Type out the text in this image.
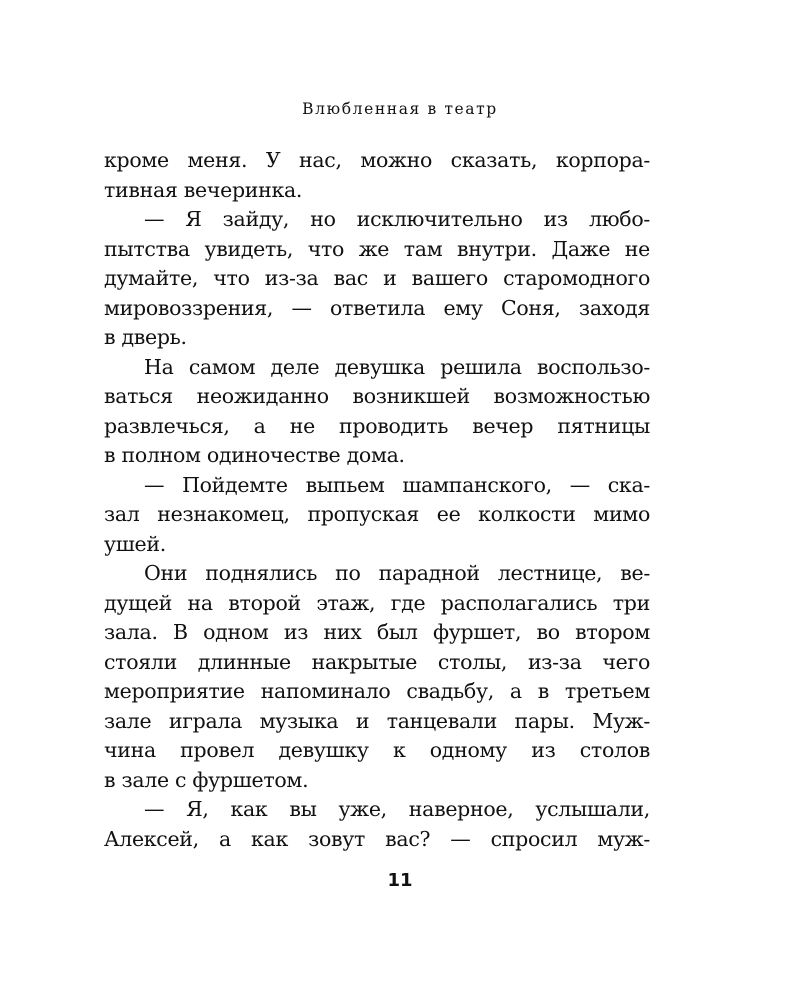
Влюбленная в театр
кроме меня. У нас, можно сказать, корпора-
тивная вечеринка.
— Я зайду, но исключительно из любо-
пытства увидеть, что же там внутри. Даже не
думайте, что из-за вас и вашего старомодного
мировоззрения, — ответила ему Соня, заходя
в дверь.
На самом деле девушка решила воспользо-
ваться неожиданно возникшей возможностью
развлечься, а не проводить вечер пятницы
в полном одиночестве дома.
— Пойдемте выпьем шампанского, — ска-
зал незнакомец, пропуская ее колкости мимо
ушей.
Они поднялись по парадной лестнице, ве-
дущей на второй этаж, где располагались три
зала. В одном из них был фуршет, во втором
стояли длинные накрытые столы, из-за чего
мероприятие напоминало свадьбу, а в третьем
зале играла музыка и танцевали пары. Муж-
чина провел девушку к одному из столов
в зале с фуршетом.
— Я, как вы уже, наверное, услышали,
Алексей, а как зовут вас? — спросил муж-
11
